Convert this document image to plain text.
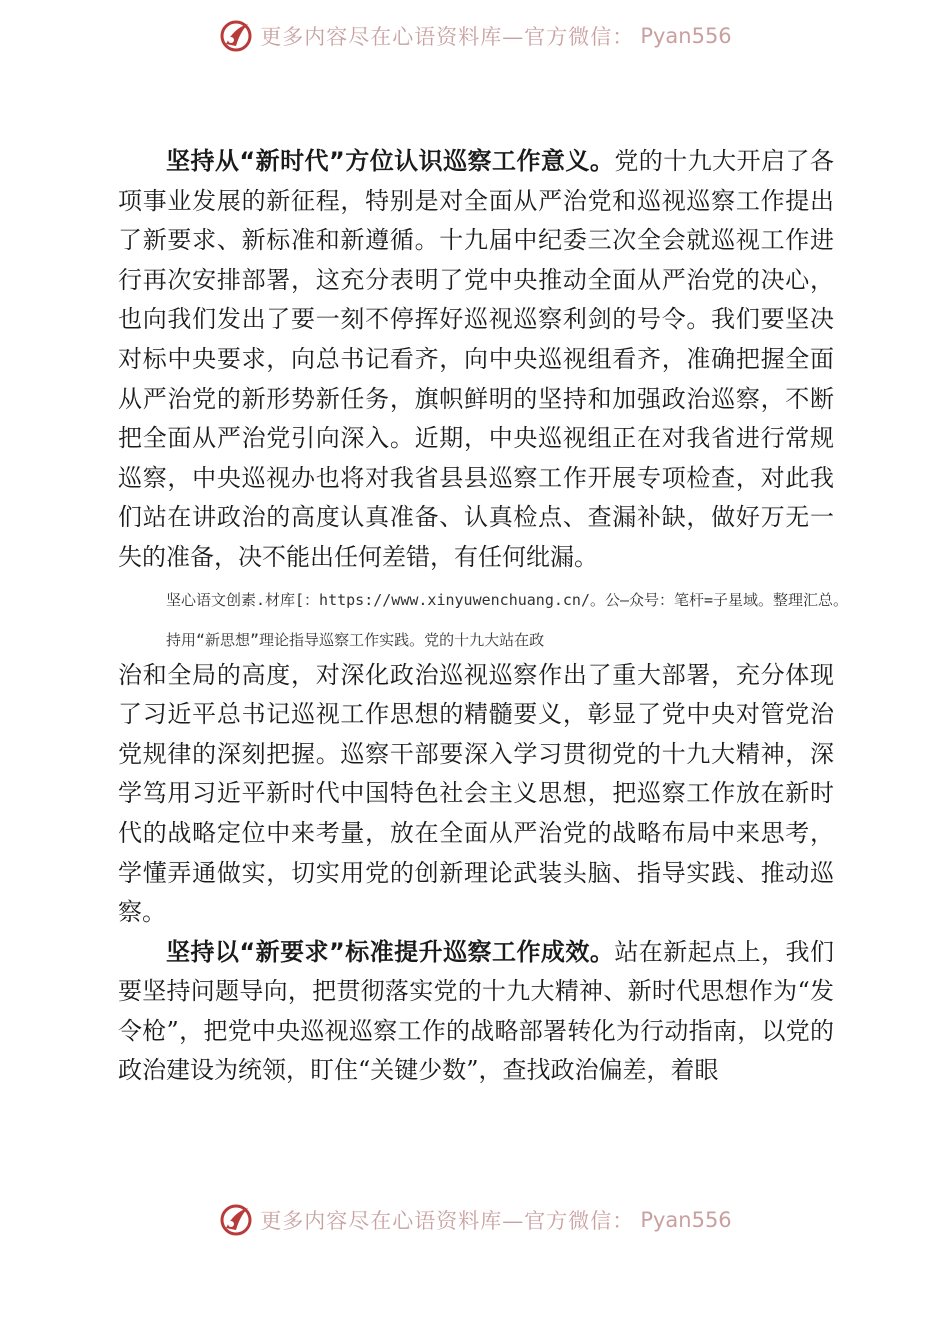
更多内容尽在心语资料库—官方微信： Pyan556

坚持从“新时代”方位认识巡察工作意义。党的十九大开启了各项事业发展的新征程，特别是对全面从严治党和巡视巡察工作提出了新要求、新标准和新遵循。十九届中纪委三次全会就巡视工作进行再次安排部署，这充分表明了党中央推动全面从严治党的决心，也向我们发出了要一刻不停挥好巡视巡察利剑的号令。我们要坚决对标中央要求，向总书记看齐，向中央巡视组看齐，准确把握全面从严治党的新形势新任务，旗帜鲜明的坚持和加强政治巡察，不断把全面从严治党引向深入。近期，中央巡视组正在对我省进行常规巡察，中央巡视办也将对我省县县巡察工作开展专项检查，对此我们站在讲政治的高度认真准备、认真检点、查漏补缺，做好万无一失的准备，决不能出任何差错，有任何纰漏。

坚心语文创素.材库[：https://www.xinyuwenchuang.cn/。公—众号：笔杆=子星域。整理汇总。持用“新思想”理论指导巡察工作实践。党的十九大站在政

治和全局的高度，对深化政治巡视巡察作出了重大部署，充分体现了习近平总书记巡视工作思想的精髓要义，彰显了党中央对管党治党规律的深刻把握。巡察干部要深入学习贯彻党的十九大精神，深学笃用习近平新时代中国特色社会主义思想，把巡察工作放在新时代的战略定位中来考量，放在全面从严治党的战略布局中来思考，学懂弄通做实，切实用党的创新理论武装头脑、指导实践、推动巡察。

坚持以“新要求”标准提升巡察工作成效。站在新起点上，我们要坚持问题导向，把贯彻落实党的十九大精神、新时代思想作为“发令枪”，把党中央巡视巡察工作的战略部署转化为行动指南，以党的政治建设为统领，盯住“关键少数”，查找政治偏差，着眼

更多内容尽在心语资料库—官方微信： Pyan556
